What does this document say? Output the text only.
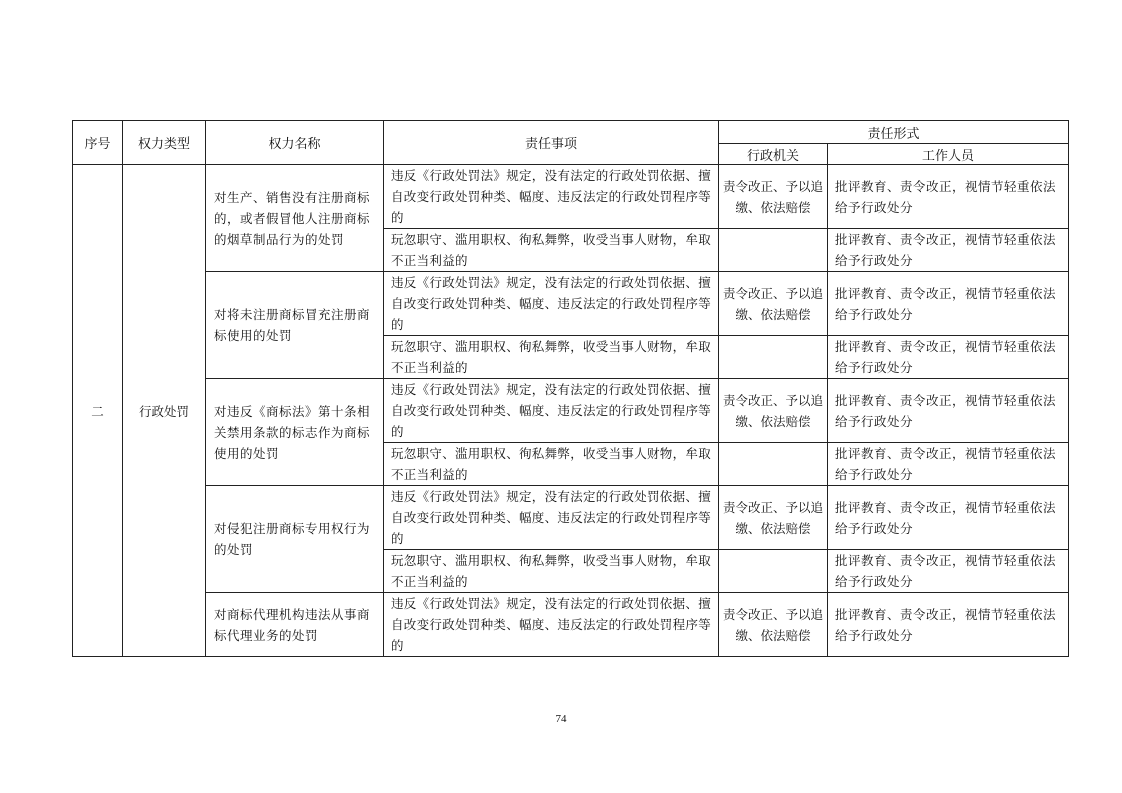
序号	权力类型	权力名称	责任事项	责任形式	
				行政机关	工作人员
二	行政处罚	对生产、销售没有注册商标的，或者假冒他人注册商标的烟草制品行为的处罚	违反《行政处罚法》规定，没有法定的行政处罚依据、擅自改变行政处罚种类、幅度、违反法定的行政处罚程序等的	责令改正、予以追缴、依法赔偿	批评教育、责令改正，视情节轻重依法给予行政处分
			玩忽职守、滥用职权、徇私舞弊，收受当事人财物，牟取不正当利益的		批评教育、责令改正，视情节轻重依法给予行政处分
		对将未注册商标冒充注册商标使用的处罚	违反《行政处罚法》规定，没有法定的行政处罚依据、擅自改变行政处罚种类、幅度、违反法定的行政处罚程序等的	责令改正、予以追缴、依法赔偿	批评教育、责令改正，视情节轻重依法给予行政处分
			玩忽职守、滥用职权、徇私舞弊，收受当事人财物，牟取不正当利益的		批评教育、责令改正，视情节轻重依法给予行政处分
		对违反《商标法》第十条相关禁用条款的标志作为商标使用的处罚	违反《行政处罚法》规定，没有法定的行政处罚依据、擅自改变行政处罚种类、幅度、违反法定的行政处罚程序等的	责令改正、予以追缴、依法赔偿	批评教育、责令改正，视情节轻重依法给予行政处分
			玩忽职守、滥用职权、徇私舞弊，收受当事人财物，牟取不正当利益的		批评教育、责令改正，视情节轻重依法给予行政处分
		对侵犯注册商标专用权行为的处罚	违反《行政处罚法》规定，没有法定的行政处罚依据、擅自改变行政处罚种类、幅度、违反法定的行政处罚程序等的	责令改正、予以追缴、依法赔偿	批评教育、责令改正，视情节轻重依法给予行政处分
			玩忽职守、滥用职权、徇私舞弊，收受当事人财物，牟取不正当利益的		批评教育、责令改正，视情节轻重依法给予行政处分
		对商标代理机构违法从事商标代理业务的处罚	违反《行政处罚法》规定，没有法定的行政处罚依据、擅自改变行政处罚种类、幅度、违反法定的行政处罚程序等的	责令改正、予以追缴、依法赔偿	批评教育、责令改正，视情节轻重依法给予行政处分
74
